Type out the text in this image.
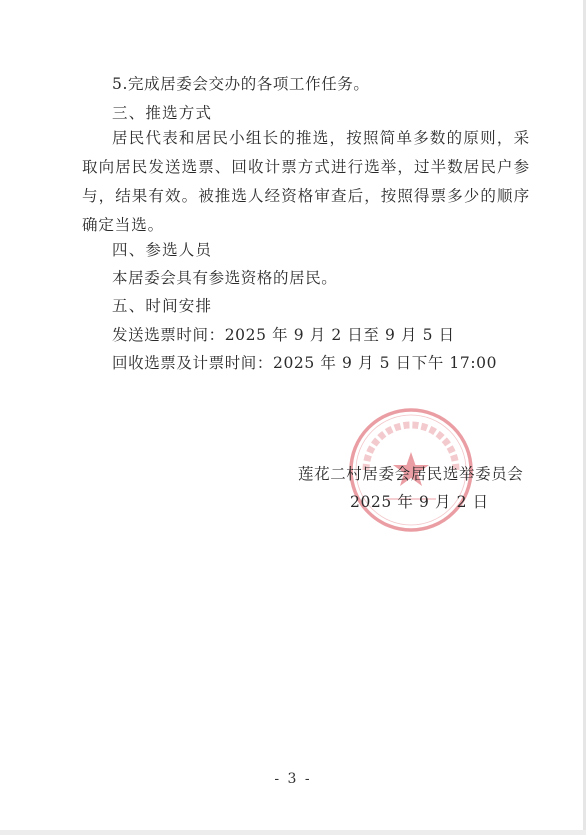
5.完成居委会交办的各项工作任务。
三、推选方式
居民代表和居民小组长的推选，按照简单多数的原则，采取向居民发送选票、回收计票方式进行选举，过半数居民户参与，结果有效。被推选人经资格审查后，按照得票多少的顺序确定当选。
四、参选人员
本居委会具有参选资格的居民。
五、时间安排
发送选票时间：2025 年 9 月 2 日至 9 月 5 日
回收选票及计票时间：2025 年 9 月 5 日下午 17:00
莲花二村居委会居民选举委员会
2025 年 9 月 2 日
- 3 -
